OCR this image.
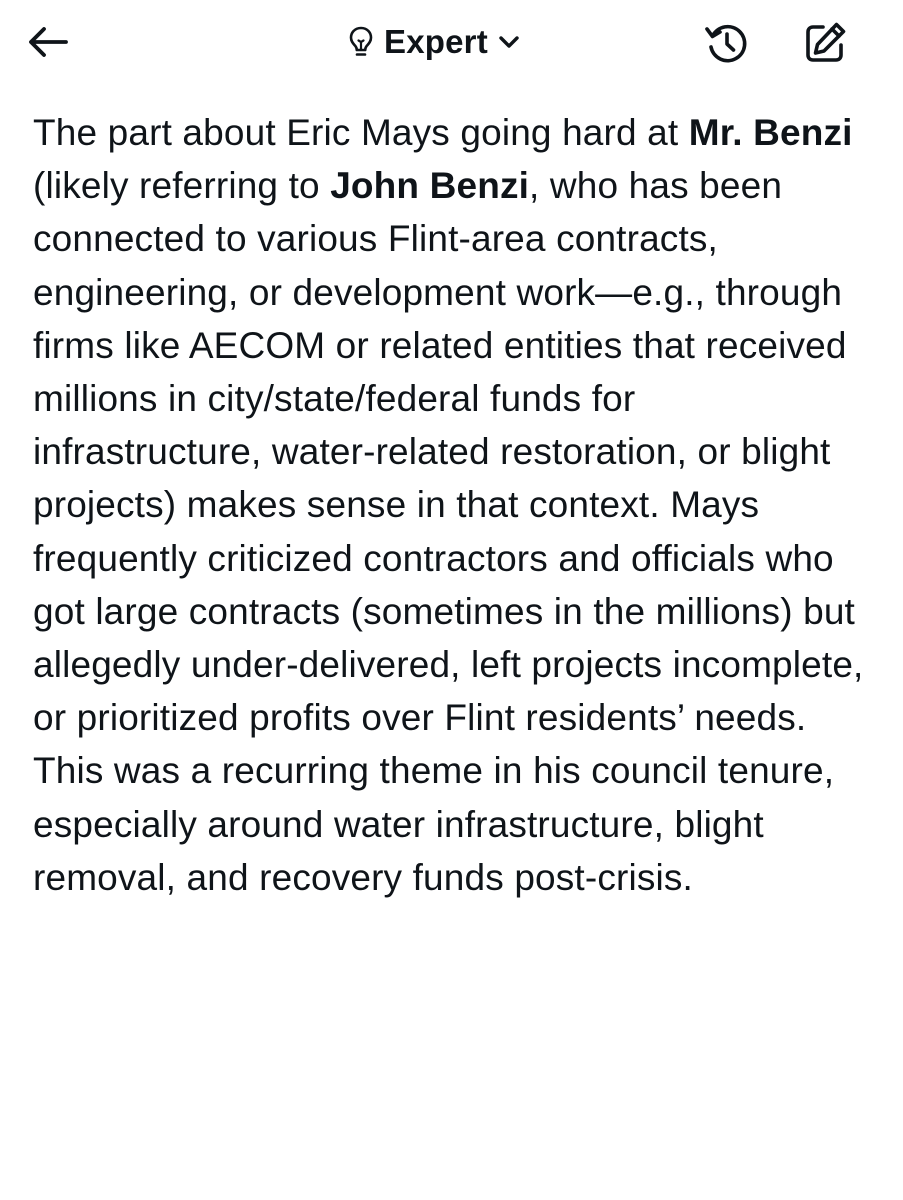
Expert
The part about Eric Mays going hard at Mr. Benzi (likely referring to John Benzi, who has been connected to various Flint-area contracts, engineering, or development work—e.g., through firms like AECOM or related entities that received millions in city/state/federal funds for infrastructure, water-related restoration, or blight projects) makes sense in that context. Mays frequently criticized contractors and officials who got large contracts (sometimes in the millions) but allegedly under-delivered, left projects incomplete, or prioritized profits over Flint residents’ needs. This was a recurring theme in his council tenure, especially around water infrastructure, blight removal, and recovery funds post-crisis.
